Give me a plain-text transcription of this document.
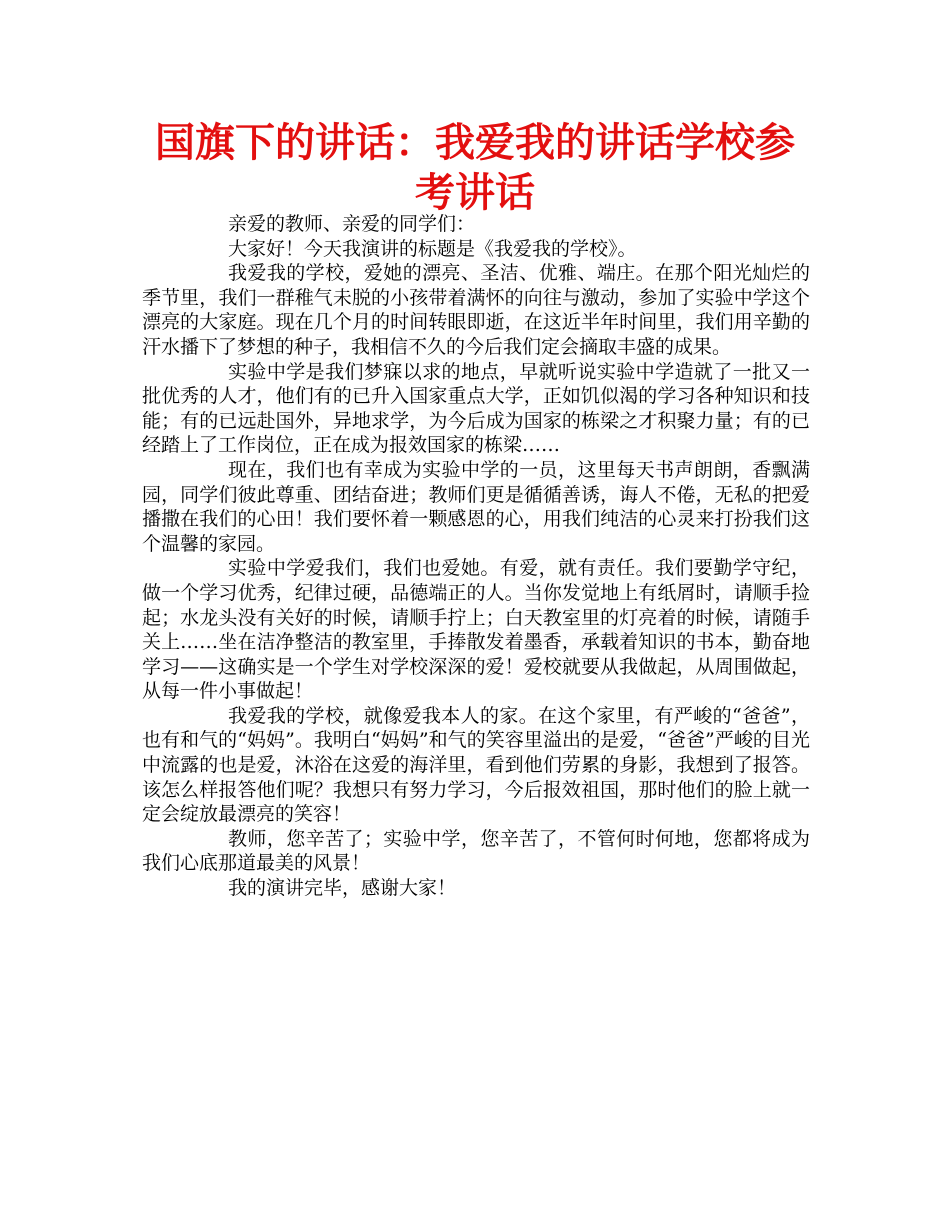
国旗下的讲话：我爱我的讲话学校参考讲话

亲爱的教师、亲爱的同学们：

大家好！今天我演讲的标题是《我爱我的学校》。

我爱我的学校，爱她的漂亮、圣洁、优雅、端庄。在那个阳光灿烂的季节里，我们一群稚气未脱的小孩带着满怀的向往与激动，参加了实验中学这个漂亮的大家庭。现在几个月的时间转眼即逝，在这近半年时间里，我们用辛勤的汗水播下了梦想的种子，我相信不久的今后我们定会摘取丰盛的成果。

实验中学是我们梦寐以求的地点，早就听说实验中学造就了一批又一批优秀的人才，他们有的已升入国家重点大学，正如饥似渴的学习各种知识和技能；有的已远赴国外，异地求学，为今后成为国家的栋梁之才积聚力量；有的已经踏上了工作岗位，正在成为报效国家的栋梁……

现在，我们也有幸成为实验中学的一员，这里每天书声朗朗，香飘满园，同学们彼此尊重、团结奋进；教师们更是循循善诱，诲人不倦，无私的把爱播撒在我们的心田！我们要怀着一颗感恩的心，用我们纯洁的心灵来打扮我们这个温馨的家园。

实验中学爱我们，我们也爱她。有爱，就有责任。我们要勤学守纪，做一个学习优秀，纪律过硬，品德端正的人。当你发觉地上有纸屑时，请顺手捡起；水龙头没有关好的时候，请顺手拧上；白天教室里的灯亮着的时候，请随手关上……坐在洁净整洁的教室里，手捧散发着墨香，承载着知识的书本，勤奋地学习——这确实是一个学生对学校深深的爱！爱校就要从我做起，从周围做起，从每一件小事做起！

我爱我的学校，就像爱我本人的家。在这个家里，有严峻的“爸爸”，也有和气的“妈妈”。我明白“妈妈”和气的笑容里溢出的是爱，“爸爸”严峻的目光中流露的也是爱，沐浴在这爱的海洋里，看到他们劳累的身影，我想到了报答。该怎么样报答他们呢？我想只有努力学习，今后报效祖国，那时他们的脸上就一定会绽放最漂亮的笑容！

教师，您辛苦了；实验中学，您辛苦了，不管何时何地，您都将成为我们心底那道最美的风景！

我的演讲完毕，感谢大家！
